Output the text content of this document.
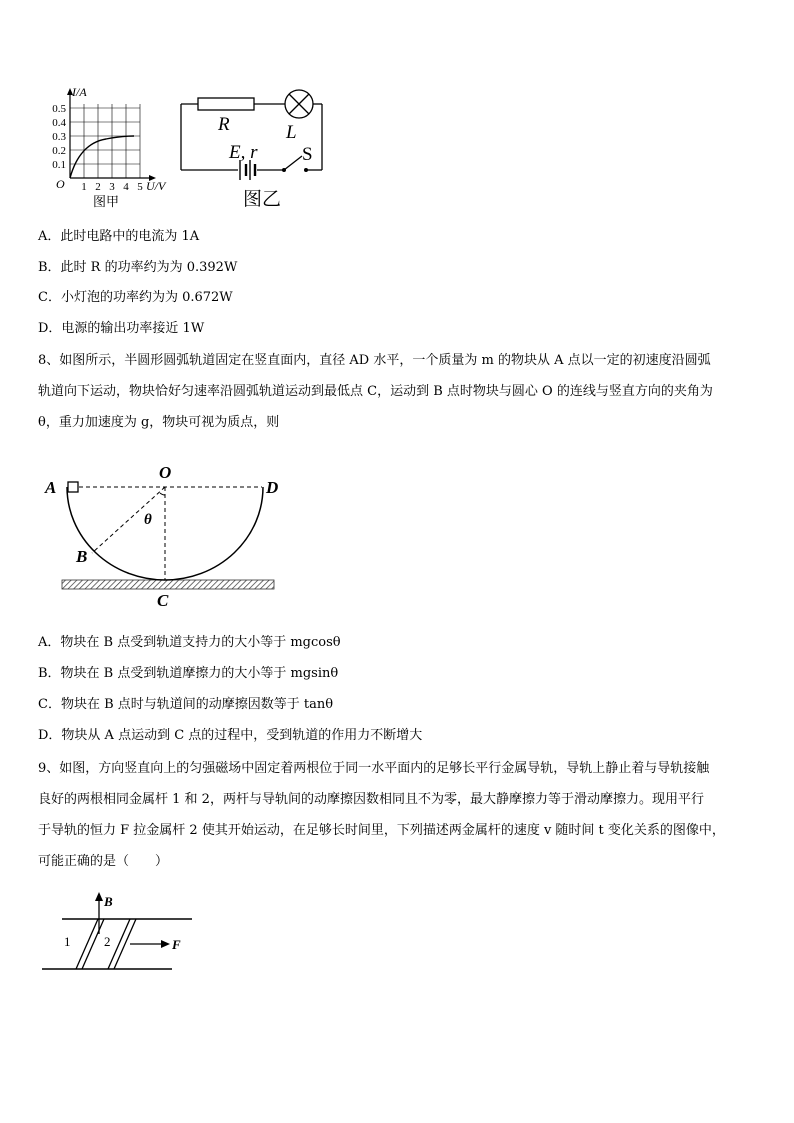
I/A
U/V
O
0.5
0.4
0.3
0.2
0.1
1 2 3 4 5
图甲
R	L
E, r S
图乙
A．此时电路中的电流为 1A
B．此时 R 的功率约为为 0.392W
C．小灯泡的功率约为为 0.672W
D．电源的输出功率接近 1W
8、如图所示，半圆形圆弧轨道固定在竖直面内，直径 AD 水平，一个质量为 m 的物块从 A 点以一定的初速度沿圆弧
轨道向下运动，物块恰好匀速率沿圆弧轨道运动到最低点 C，运动到 B 点时物块与圆心 O 的连线与竖直方向的夹角为
θ，重力加速度为 g，物块可视为质点，则
A
O
D
B
C
θ
A．物块在 B 点受到轨道支持力的大小等于 mgcosθ
B．物块在 B 点受到轨道摩擦力的大小等于 mgsinθ
C．物块在 B 点时与轨道间的动摩擦因数等于 tanθ
D．物块从 A 点运动到 C 点的过程中，受到轨道的作用力不断增大
9、如图，方向竖直向上的匀强磁场中固定着两根位于同一水平面内的足够长平行金属导轨，导轨上静止着与导轨接触
良好的两根相同金属杆 1 和 2，两杆与导轨间的动摩擦因数相同且不为零，最大静摩擦力等于滑动摩擦力。现用平行
于导轨的恒力 F 拉金属杆 2 使其开始运动，在足够长时间里，下列描述两金属杆的速度 v 随时间 t 变化关系的图像中，
可能正确的是（　　）
B
1	2	F
